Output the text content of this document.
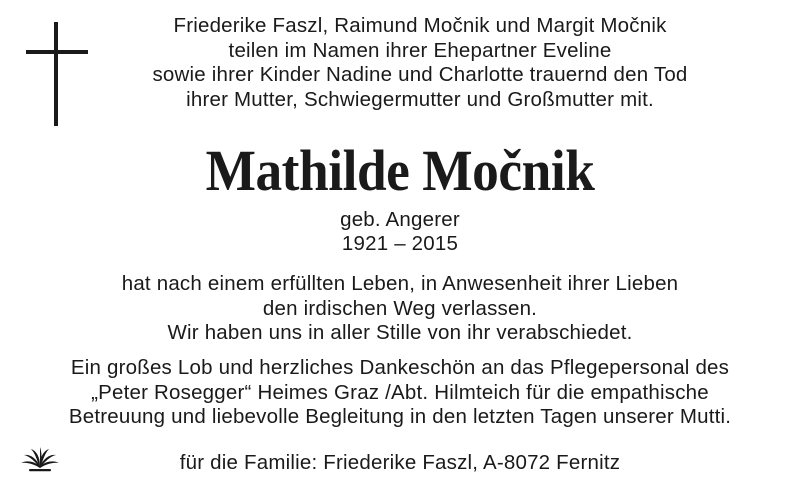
Friederike Faszl, Raimund Močnik und Margit Močnik
teilen im Namen ihrer Ehepartner Eveline
sowie ihrer Kinder Nadine und Charlotte trauernd den Tod
ihrer Mutter, Schwiegermutter und Großmutter mit.
Mathilde Močnik
geb. Angerer
1921 – 2015
hat nach einem erfüllten Leben, in Anwesenheit ihrer Lieben
den irdischen Weg verlassen.
Wir haben uns in aller Stille von ihr verabschiedet.
Ein großes Lob und herzliches Dankeschön an das Pflegepersonal des
„Peter Rosegger“ Heimes Graz /Abt. Hilmteich für die empathische
Betreuung und liebevolle Begleitung in den letzten Tagen unserer Mutti.
für die Familie: Friederike Faszl, A-8072 Fernitz
